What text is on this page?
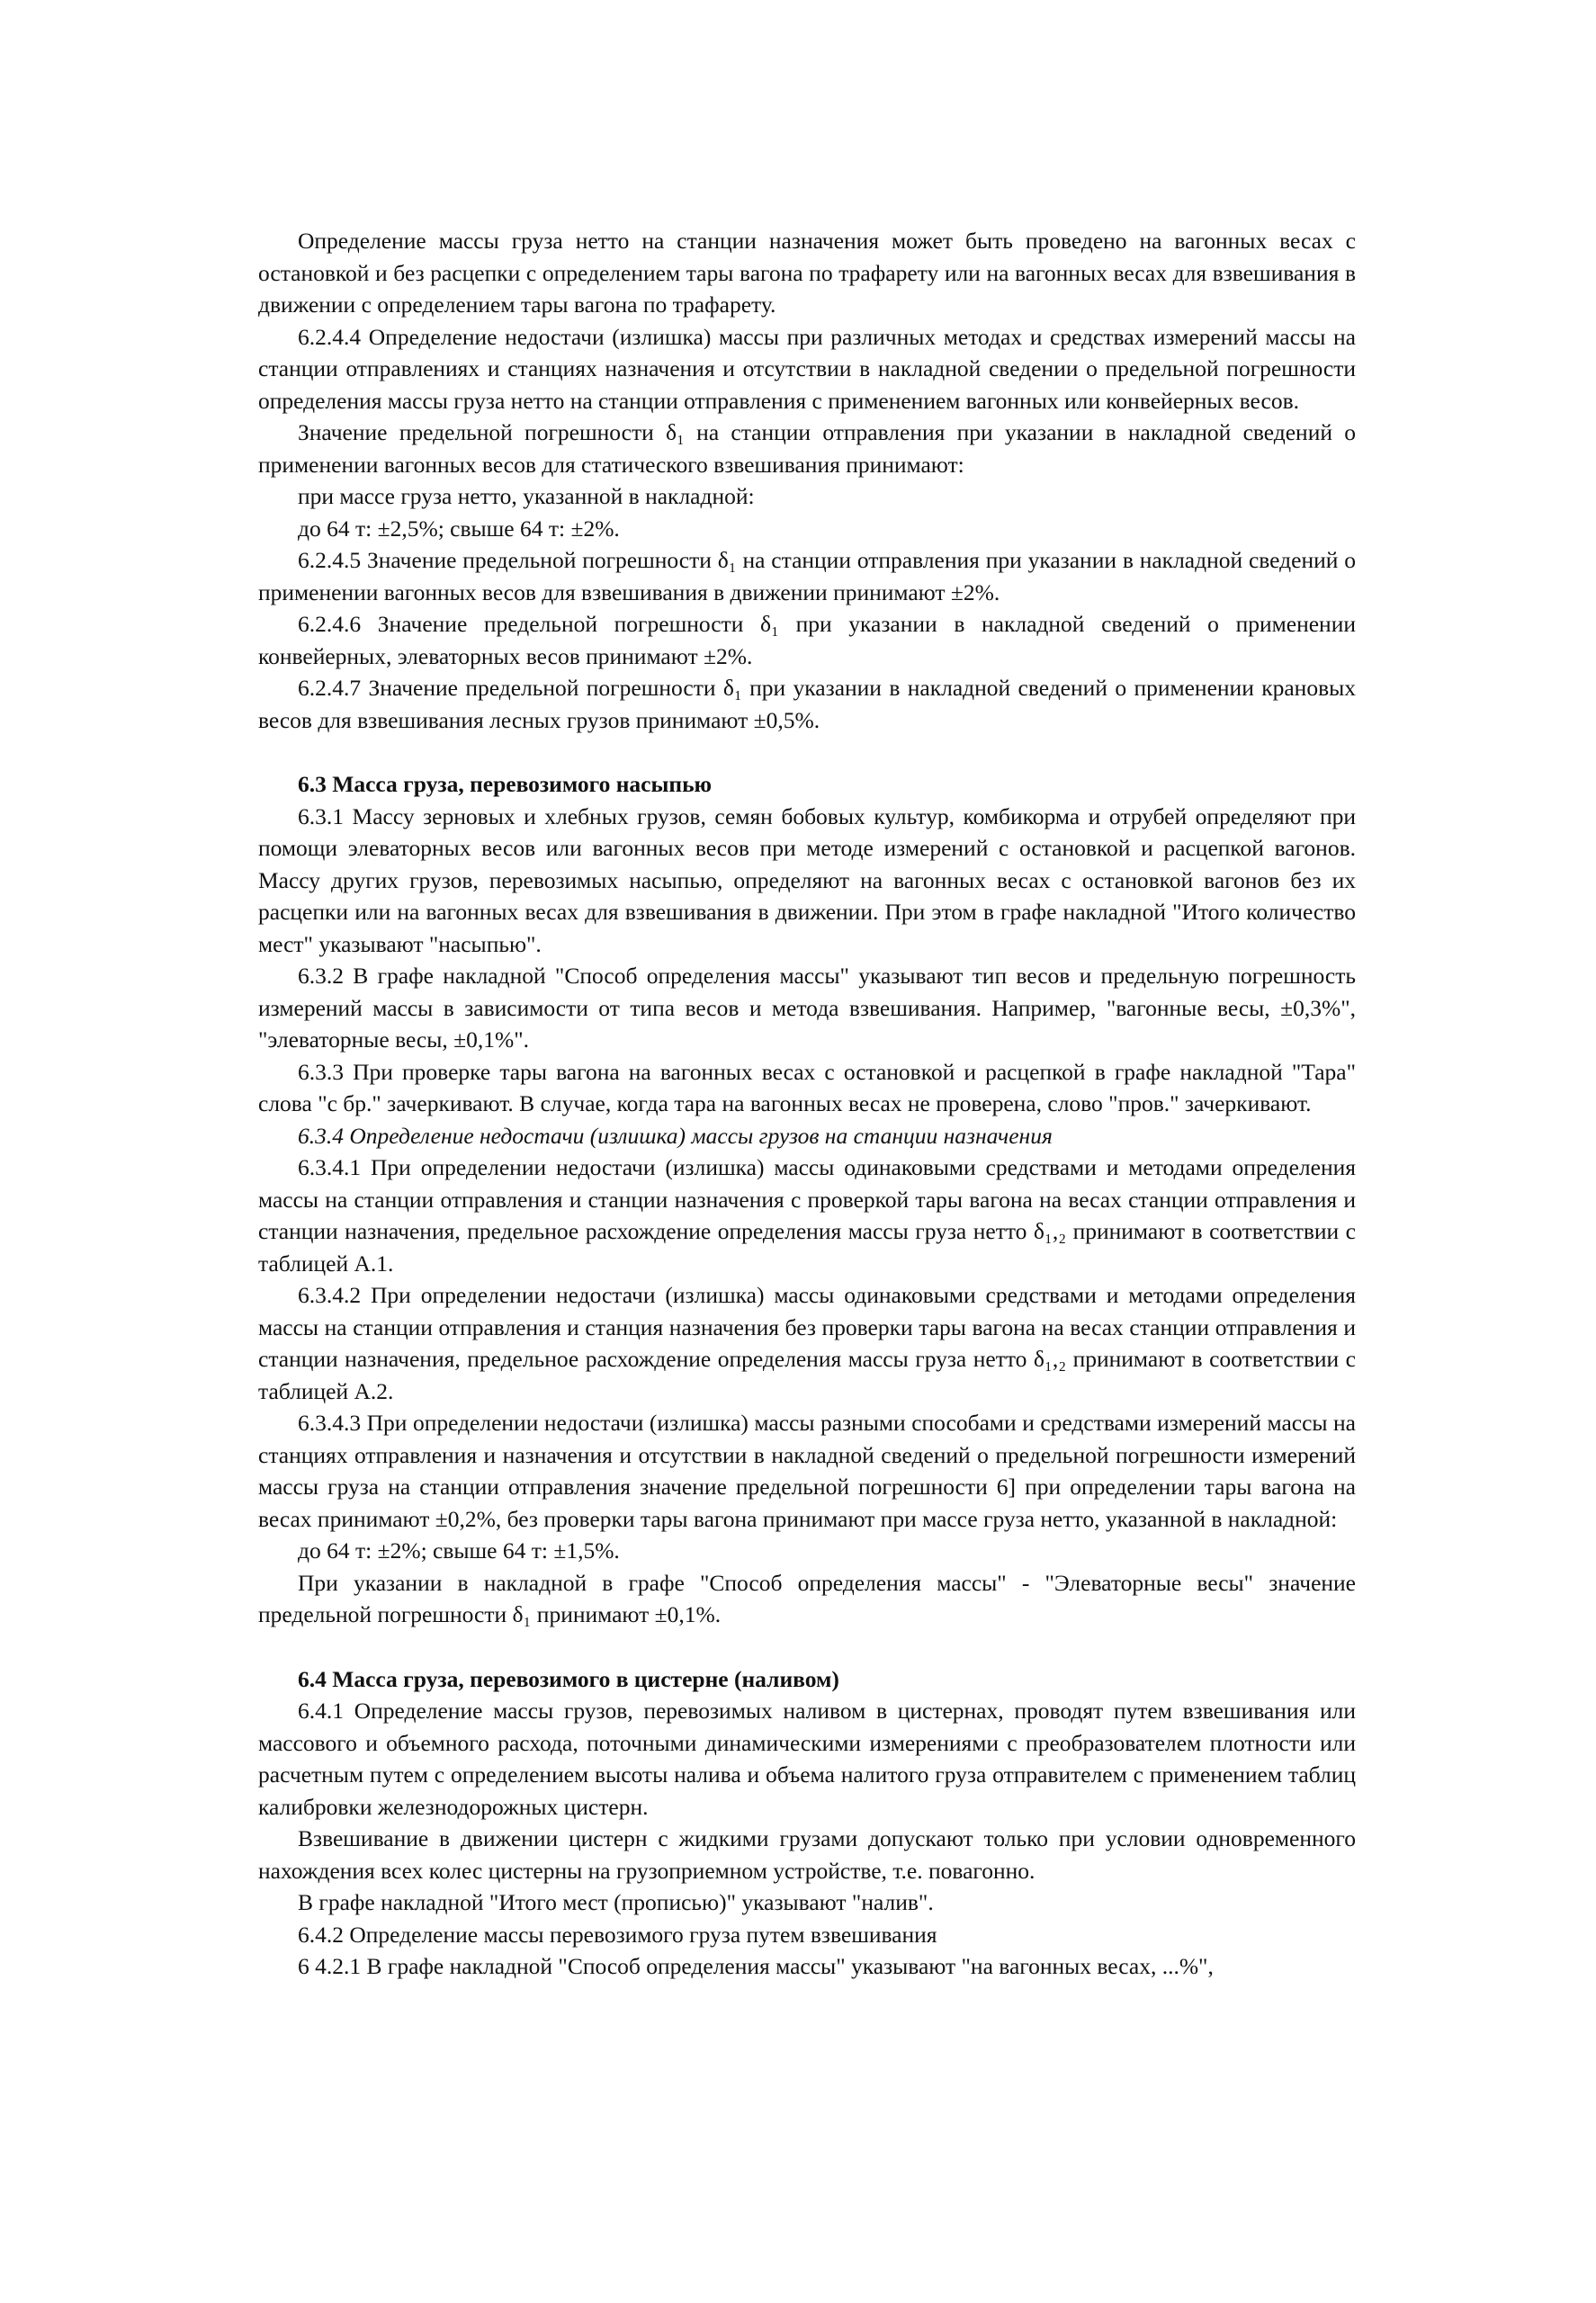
Определение массы груза нетто на станции назначения может быть проведено на вагонных весах с остановкой и без расцепки с определением тары вагона по трафарету или на вагонных весах для взвешивания в движении с определением тары вагона по трафарету.

6.2.4.4 Определение недостачи (излишка) массы при различных методах и средствах измерений массы на станции отправлениях и станциях назначения и отсутствии в накладной сведении о предельной погрешности определения массы груза нетто на станции отправления с применением вагонных или конвейерных весов.

Значение предельной погрешности δ₁ на станции отправления при указании в накладной сведений о применении вагонных весов для статического взвешивания принимают:

при массе груза нетто, указанной в накладной:

до 64 т: ±2,5%; свыше 64 т: ±2%.

6.2.4.5 Значение предельной погрешности δ₁ на станции отправления при указании в накладной сведений о применении вагонных весов для взвешивания в движении принимают ±2%.

6.2.4.6 Значение предельной погрешности δ₁ при указании в накладной сведений о применении конвейерных, элеваторных весов принимают ±2%.

6.2.4.7 Значение предельной погрешности δ₁ при указании в накладной сведений о применении крановых весов для взвешивания лесных грузов принимают ±0,5%.

6.3 Масса груза, перевозимого насыпью

6.3.1 Массу зерновых и хлебных грузов, семян бобовых культур, комбикорма и отрубей определяют при помощи элеваторных весов или вагонных весов при методе измерений с остановкой и расцепкой вагонов. Массу других грузов, перевозимых насыпью, определяют на вагонных весах с остановкой вагонов без их расцепки или на вагонных весах для взвешивания в движении. При этом в графе накладной "Итого количество мест" указывают "насыпью".

6.3.2 В графе накладной "Способ определения массы" указывают тип весов и предельную погрешность измерений массы в зависимости от типа весов и метода взвешивания. Например, "вагонные весы, ±0,3%", "элеваторные весы, ±0,1%".

6.3.3 При проверке тары вагона на вагонных весах с остановкой и расцепкой в графе накладной "Тара" слова "с бр." зачеркивают. В случае, когда тара на вагонных весах не проверена, слово "пров." зачеркивают.

6.3.4 Определение недостачи (излишка) массы грузов на станции назначения

6.3.4.1 При определении недостачи (излишка) массы одинаковыми средствами и методами определения массы на станции отправления и станции назначения с проверкой тары вагона на весах станции отправления и станции назначения, предельное расхождение определения массы груза нетто δ₁,₂ принимают в соответствии с таблицей А.1.

6.3.4.2 При определении недостачи (излишка) массы одинаковыми средствами и методами определения массы на станции отправления и станция назначения без проверки тары вагона на весах станции отправления и станции назначения, предельное расхождение определения массы груза нетто δ₁,₂ принимают в соответствии с таблицей А.2.

6.3.4.3 При определении недостачи (излишка) массы разными способами и средствами измерений массы на станциях отправления и назначения и отсутствии в накладной сведений о предельной погрешности измерений массы груза на станции отправления значение предельной погрешности 6] при определении тары вагона на весах принимают ±0,2%, без проверки тары вагона принимают при массе груза нетто, указанной в накладной:

до 64 т: ±2%; свыше 64 т: ±1,5%.

При указании в накладной в графе "Способ определения массы" - "Элеваторные весы" значение предельной погрешности δ₁ принимают ±0,1%.

6.4 Масса груза, перевозимого в цистерне (наливом)

6.4.1 Определение массы грузов, перевозимых наливом в цистернах, проводят путем взвешивания или массового и объемного расхода, поточными динамическими измерениями с преобразователем плотности или расчетным путем с определением высоты налива и объема налитого груза отправителем с применением таблиц калибровки железнодорожных цистерн.

Взвешивание в движении цистерн с жидкими грузами допускают только при условии одновременного нахождения всех колес цистерны на грузоприемном устройстве, т.е. повагонно.

В графе накладной "Итого мест (прописью)" указывают "налив".

6.4.2 Определение массы перевозимого груза путем взвешивания

6 4.2.1 В графе накладной "Способ определения массы" указывают "на вагонных весах, ...%",
